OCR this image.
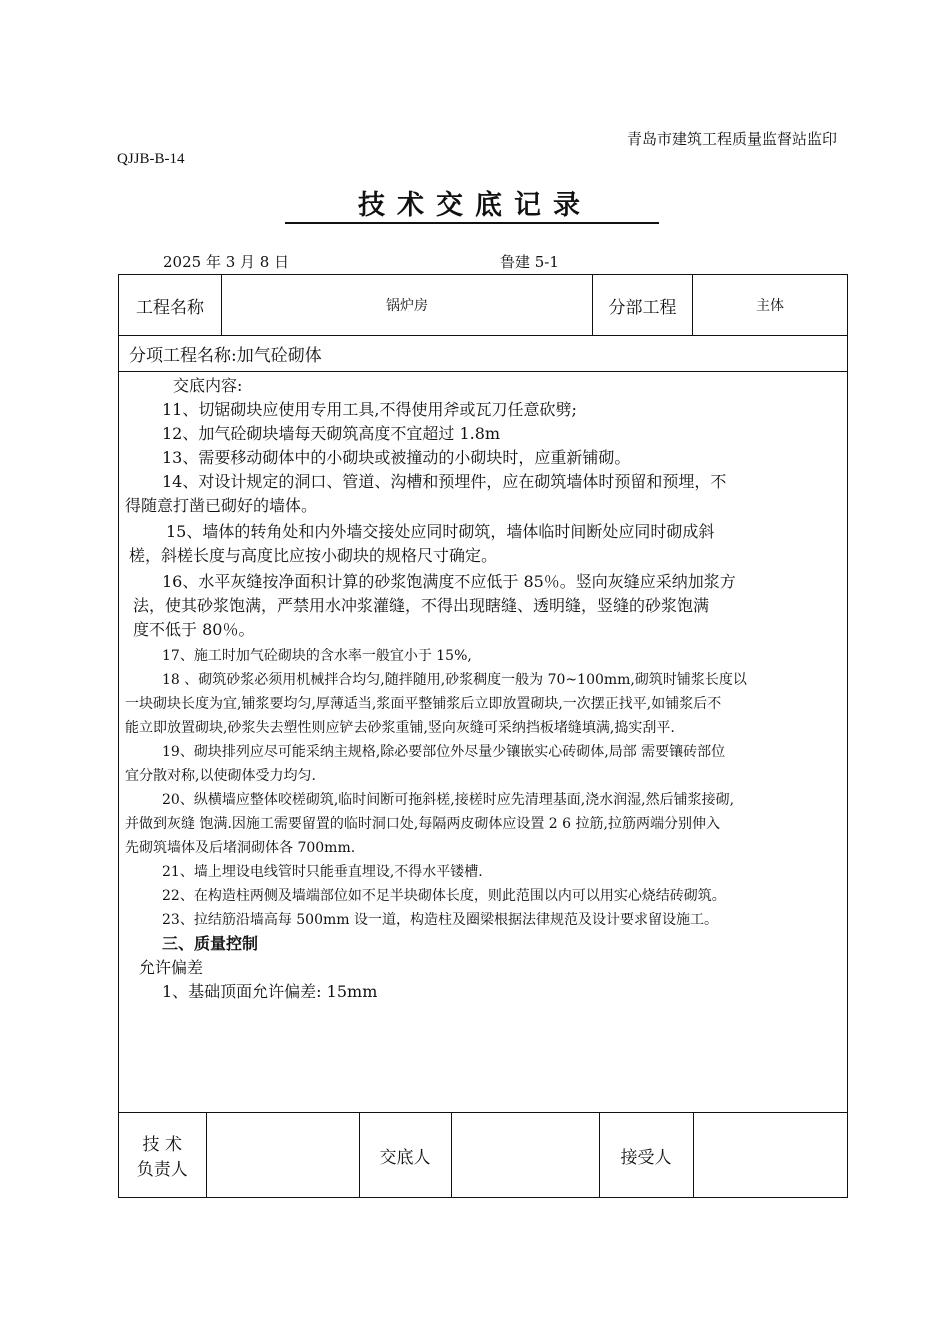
青岛市建筑工程质量监督站监印
QJJB-B-14
技术交底记录
2025 年 3 月 8 日	鲁建 5-1
工程名称	锅炉房	分部工程	主体
分项工程名称:加气砼砌体

交底内容:

11、切锯砌块应使用专用工具,不得使用斧或瓦刀任意砍劈;

12、加气砼砌块墙每天砌筑高度不宜超过 1.8m

13、需要移动砌体中的小砌块或被撞动的小砌块时，应重新铺砌。

14、对设计规定的洞口、管道、沟槽和预埋件，应在砌筑墙体时预留和预埋，不

得随意打凿已砌好的墙体。

15、墙体的转角处和内外墙交接处应同时砌筑，墙体临时间断处应同时砌成斜

槎，斜槎长度与高度比应按小砌块的规格尺寸确定。

16、水平灰缝按净面积计算的砂浆饱满度不应低于 85％。竖向灰缝应采纳加浆方

法，使其砂浆饱满，严禁用水冲浆灌缝，不得出现瞎缝、透明缝，竖缝的砂浆饱满

度不低于 80％。

17、施工时加气砼砌块的含水率一般宜小于 15%,

18 、砌筑砂浆必须用机械拌合均匀,随拌随用,砂浆稠度一般为 70~100mm,砌筑时铺浆长度以

一块砌块长度为宜,铺浆要均匀,厚薄适当,浆面平整铺浆后立即放置砌块,一次摆正找平,如铺浆后不

能立即放置砌块,砂浆失去塑性则应铲去砂浆重铺,竖向灰缝可采纳挡板堵缝填满,捣实刮平.

19、砌块排列应尽可能采纳主规格,除必要部位外尽量少镶嵌实心砖砌体,局部 需要镶砖部位

宜分散对称,以使砌体受力均匀.

20、纵横墙应整体咬槎砌筑,临时间断可拖斜槎,接槎时应先清理基面,浇水润湿,然后铺浆接砌,

并做到灰缝 饱满.因施工需要留置的临时洞口处,每隔两皮砌体应设置 2 6 拉筋,拉筋两端分别伸入

先砌筑墙体及后堵洞砌体各 700mm.

21、墙上埋设电线管时只能垂直埋设,不得水平镂槽.

22、在构造柱两侧及墙端部位如不足半块砌体长度，则此范围以内可以用实心烧结砖砌筑。

23、拉结筋沿墙高每 500mm 设一道，构造柱及圈梁根据法律规范及设计要求留设施工。

三、质量控制

允许偏差

1、基础顶面允许偏差: 15mm

技 术
负责人
		交底人		接受人	
